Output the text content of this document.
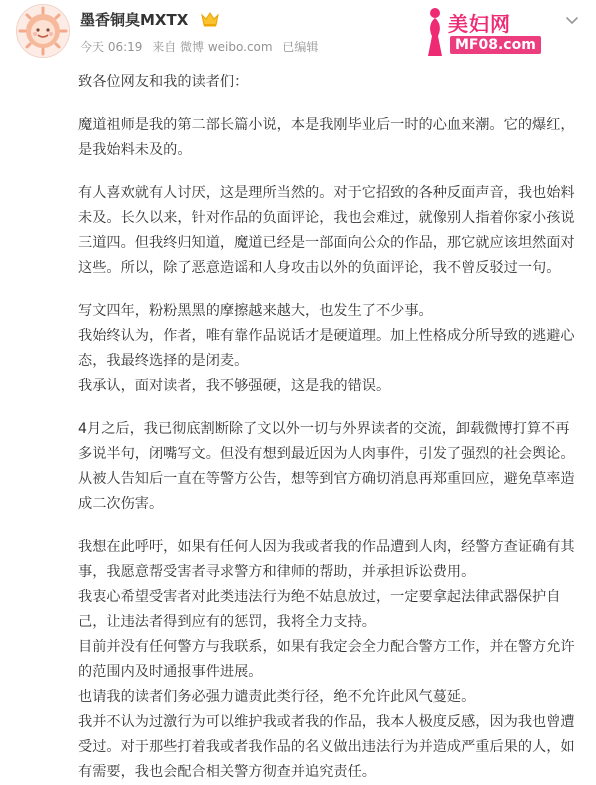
墨香铜臭MXTX
今天 06:19 来自 微博 weibo.com 已编辑
美妇网
MF08.com

致各位网友和我的读者们：

魔道祖师是我的第二部长篇小说，本是我刚毕业后一时的心血来潮。它的爆红，是我始料未及的。

有人喜欢就有人讨厌，这是理所当然的。对于它招致的各种反面声音，我也始料未及。长久以来，针对作品的负面评论，我也会难过，就像别人指着你家小孩说三道四。但我终归知道，魔道已经是一部面向公众的作品，那它就应该坦然面对这些。所以，除了恶意造谣和人身攻击以外的负面评论，我不曾反驳过一句。

写文四年，粉粉黑黑的摩擦越来越大，也发生了不少事。

我始终认为，作者，唯有靠作品说话才是硬道理。加上性格成分所导致的逃避心态，我最终选择的是闭麦。

我承认，面对读者，我不够强硬，这是我的错误。

4月之后，我已彻底割断除了文以外一切与外界读者的交流，卸载微博打算不再多说半句，闭嘴写文。但没有想到最近因为人肉事件，引发了强烈的社会舆论。从被人告知后一直在等警方公告，想等到官方确切消息再郑重回应，避免草率造成二次伤害。

我想在此呼吁，如果有任何人因为我或者我的作品遭到人肉，经警方查证确有其事，我愿意帮受害者寻求警方和律师的帮助，并承担诉讼费用。

我衷心希望受害者对此类违法行为绝不姑息放过，一定要拿起法律武器保护自己，让违法者得到应有的惩罚，我将全力支持。

目前并没有任何警方与我联系，如果有我定会全力配合警方工作，并在警方允许的范围内及时通报事件进展。

也请我的读者们务必强力谴责此类行径，绝不允许此风气蔓延。

我并不认为过激行为可以维护我或者我的作品，我本人极度反感，因为我也曾遭受过。对于那些打着我或者我作品的名义做出违法行为并造成严重后果的人，如有需要，我也会配合相关警方彻查并追究责任。
